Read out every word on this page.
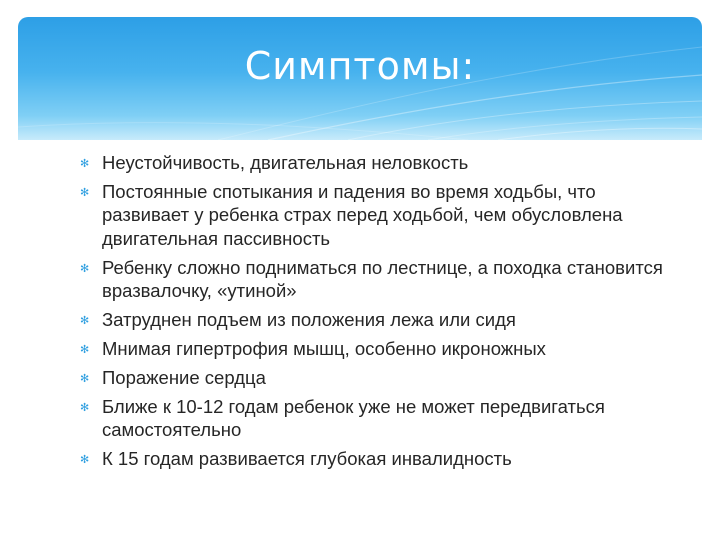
Симптомы:
✻ Неустойчивость, двигательная неловкость
✻ Постоянные спотыкания и падения во время ходьбы, что развивает у ребенка страх перед ходьбой, чем обусловлена двигательная пассивность
✻ Ребенку сложно подниматься по лестнице, а походка становится вразвалочку, «утиной»
✻ Затруднен подъем из положения лежа или сидя
✻ Мнимая гипертрофия мышц, особенно икроножных
✻ Поражение сердца
✻ Ближе к 10-12 годам ребенок уже не может передвигаться самостоятельно
✻ К 15 годам развивается глубокая инвалидность
